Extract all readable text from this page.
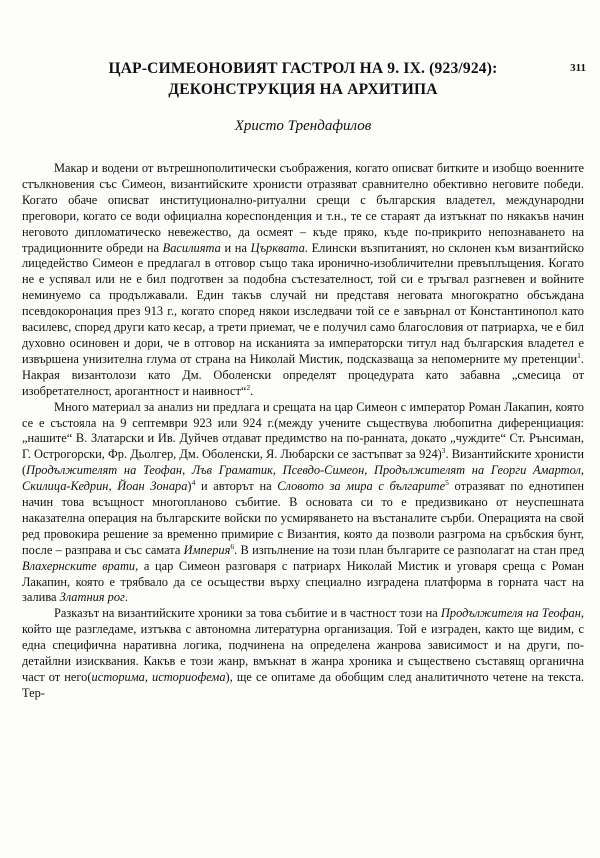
311
ЦАР-СИМЕОНОВИЯТ ГАСТРОЛ НА 9. IX. (923/924):
ДЕКОНСТРУКЦИЯ НА АРХИТИПА
Христо Трендафилов

Макар и водени от вътрешнополитически съображения, когато описват битките и изобщо военните стълкновения със Симеон, византийските хронисти отразяват сравнително обективно неговите победи. Когато обаче описват институционално-ритуални срещи с българския владетел, международни преговори, когато се води официална кореспонденция и т.н., те се стараят да изтъкнат по някакъв начин неговото дипломатическо невежество, да осмеят – къде пряко, къде по-прикрито непознаването на традиционните обреди на Василията и на Църквата. Елински възпитаният, но склонен към византийско лицедейство Симеон е предлагал в отговор също така иронично-изобличителни превъплъщения. Когато не е успявал или не е бил подготвен за подобна състезателност, той си е тръгвал разгневен и войните неминуемо са продължавали. Един такъв случай ни представя неговата многократно обсъждана псевдокоронация през 913 г., когато според някои изследвачи той се е завърнал от Константинопол като василевс, според други като кесар, а трети приемат, че е получил само благословия от патриарха, че е бил духовно осиновен и дори, че в отговор на исканията за императорски титул над българския владетел е извършена унизителна глума от страна на Николай Мистик, подсказваща за непомерните му претенции$^1$. Накрая византолози като Дм. Оболенски определят процедурата като забавна „смесица от изобретателност, арогантност и наивност“$^2$.

Много материал за анализ ни предлага и срещата на цар Симеон с император Роман Лакапин, която се е състояла на 9 септември 923 или 924 г.(между учените съществува любопитна диференциация: „нашите“ В. Златарски и Ив. Дуйчев отдават предимство на по-ранната, докато „чуждите“ Ст. Рънсиман, Г. Острогорски, Фр. Дьолгер, Дм. Оболенски, Я. Любарски се застъпват за 924)$^3$. Византийските хронисти (Продължителят на Теофан, Лъв Граматик, Псевдо-Симеон, Продължителят на Георги Амартол, Скилица-Кедрин, Йоан Зонара)$^4$ и авторът на Словото за мира с българите$^5$ отразяват по еднотипен начин това всъщност многопланово събитие. В основата си то е предизвикано от неуспешната наказателна операция на българските войски по усмиряването на въстаналите сърби. Операцията на свой ред провокира решение за временно примирие с Византия, която да позволи разгрома на сръбския бунт, после – разправа и със самата Империя$^6$. В изпълнение на този план българите се разполагат на стан пред Влахернските врати, а цар Симеон разговаря с патриарх Николай Мистик и уговаря среща с Роман Лакапин, която е трябвало да се осъществи върху специално изградена платформа в горната част на залива Златния рог.

Разказът на византийските хроники за това събитие и в частност този на Продължителя на Теофан, който ще разгледаме, изтъква с автономна литературна организация. Той е изграден, както ще видим, с една специфична наративна логика, подчинена на определена жанрова зависимост и на други, по-детайлни изисквания. Какъв е този жанр, вмъкнат в жанра хроника и съществено съставящ органична част от него(историма, историофема), ще се опитаме да обобщим след аналитичното четене на текста. Тер-
